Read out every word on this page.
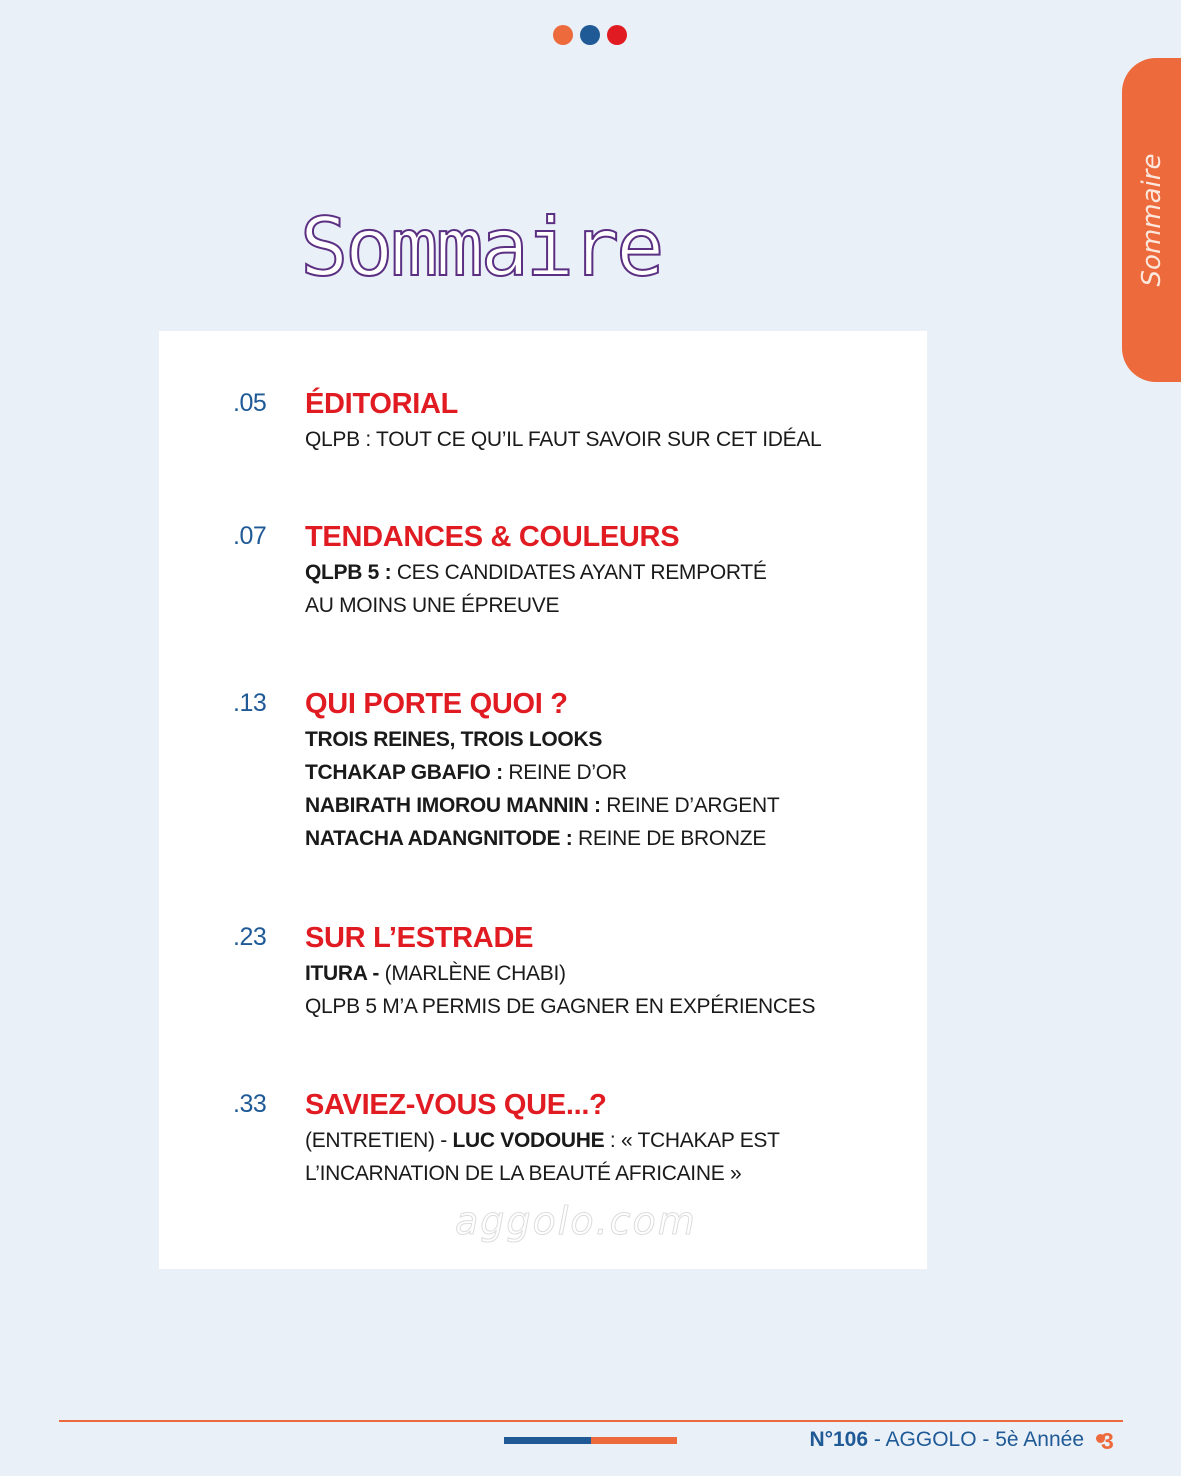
Sommaire
Sommaire
.05 ÉDITORIAL
QLPB : TOUT CE QU’IL FAUT SAVOIR SUR CET IDÉAL
.07 TENDANCES & COULEURS
QLPB 5 : CES CANDIDATES AYANT REMPORTÉ
AU MOINS UNE ÉPREUVE
.13 QUI PORTE QUOI ?
TROIS REINES, TROIS LOOKS
TCHAKAP GBAFIO : REINE D’OR
NABIRATH IMOROU MANNIN : REINE D’ARGENT
NATACHA ADANGNITODE : REINE DE BRONZE
.23 SUR L’ESTRADE
ITURA - (MARLÈNE CHABI)
QLPB 5 M’A PERMIS DE GAGNER EN EXPÉRIENCES
.33 SAVIEZ-VOUS QUE...?
(ENTRETIEN) - LUC VODOUHE : « TCHAKAP EST
L’INCARNATION DE LA BEAUTÉ AFRICAINE »
aggolo.com
N°106 - AGGOLO - 5è Année 3
